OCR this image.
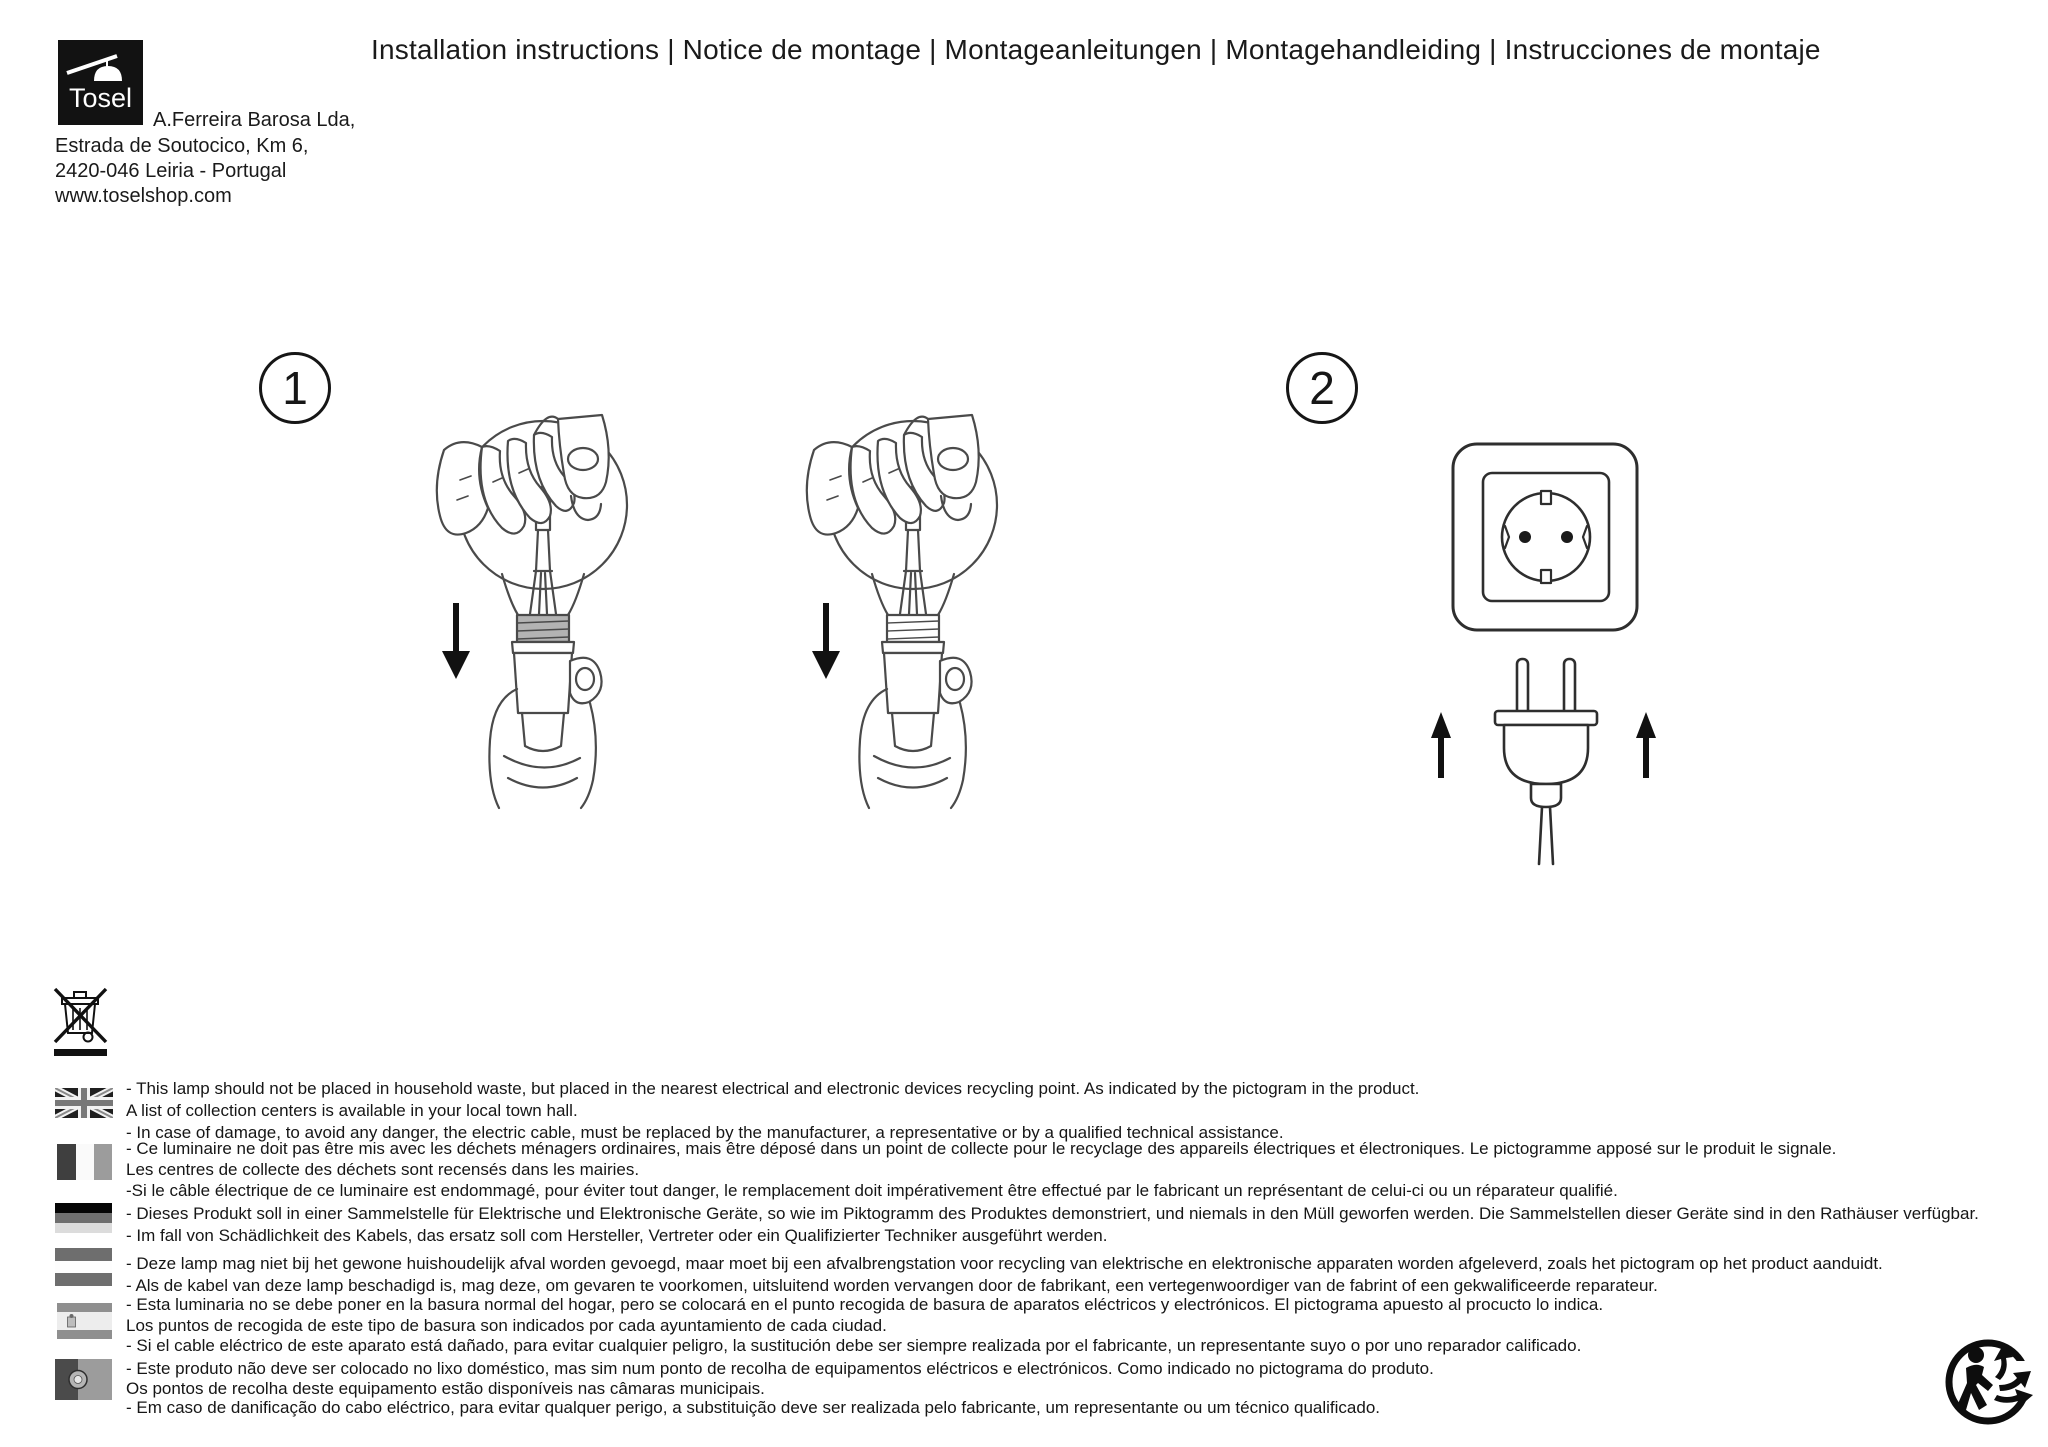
Tosel
Installation instructions | Notice de montage | Montageanleitungen | Montagehandleiding | Instrucciones de montaje
A.Ferreira Barosa Lda,
Estrada de Soutocico, Km 6,
2420-046 Leiria - Portugal
www.toselshop.com
1	2
- This lamp should not be placed in household waste, but placed in the nearest electrical and electronic devices recycling point. As indicated by the pictogram in the product.
A list of collection centers is available in your local town hall.
- In case of damage, to avoid any danger, the electric cable, must be replaced by the manufacturer, a representative or by a qualified technical assistance.
- Ce luminaire ne doit pas être mis avec les déchets ménagers ordinaires, mais être déposé dans un point de collecte pour le recyclage des appareils électriques et électroniques. Le pictogramme apposé sur le produit le signale.
Les centres de collecte des déchets sont recensés dans les mairies.
-Si le câble électrique de ce luminaire est endommagé, pour éviter tout danger, le remplacement doit impérativement être effectué par le fabricant un représentant de celui-ci ou un réparateur qualifié.
- Dieses Produkt soll in einer Sammelstelle für Elektrische und Elektronische Geräte, so wie im Piktogramm des Produktes demonstriert, und niemals in den Müll geworfen werden. Die Sammelstellen dieser Geräte sind in den Rathäuser verfügbar.
- Im fall von Schädlichkeit des Kabels, das ersatz soll com Hersteller, Vertreter oder ein Qualifizierter Techniker ausgeführt werden.
- Deze lamp mag niet bij het gewone huishoudelijk afval worden gevoegd, maar moet bij een afvalbrengstation voor recycling van elektrische en elektronische apparaten worden afgeleverd, zoals het pictogram op het product aanduidt.
- Als de kabel van deze lamp beschadigd is, mag deze, om gevaren te voorkomen, uitsluitend worden vervangen door de fabrikant, een vertegenwoordiger van de fabrint of een gekwalificeerde reparateur.
- Esta luminaria no se debe poner en la basura normal del hogar, pero se colocará en el punto recogida de basura de aparatos eléctricos y electrónicos. El pictograma apuesto al procucto lo indica.
Los puntos de recogida de este tipo de basura son indicados por cada ayuntamiento de cada ciudad.
- Si el cable eléctrico de este aparato está dañado, para evitar cualquier peligro, la sustitución debe ser siempre realizada por el fabricante, un representante suyo o por uno reparador calificado.
- Este produto não deve ser colocado no lixo doméstico, mas sim num ponto de recolha de equipamentos eléctricos e electrónicos. Como indicado no pictograma do produto.
Os pontos de recolha deste equipamento estão disponíveis nas câmaras municipais.
- Em caso de danificação do cabo eléctrico, para evitar qualquer perigo, a substituição deve ser realizada pelo fabricante, um representante ou um técnico qualificado.
